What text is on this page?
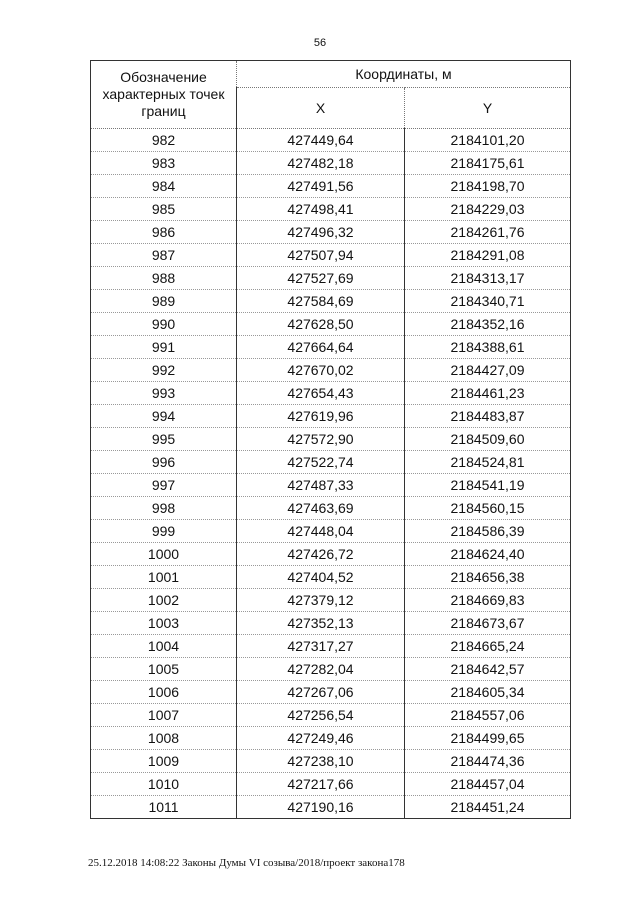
56
Обозначение
характерных точек
границ	Координаты, м	
	X	Y
982	427449,64	2184101,20
983	427482,18	2184175,61
984	427491,56	2184198,70
985	427498,41	2184229,03
986	427496,32	2184261,76
987	427507,94	2184291,08
988	427527,69	2184313,17
989	427584,69	2184340,71
990	427628,50	2184352,16
991	427664,64	2184388,61
992	427670,02	2184427,09
993	427654,43	2184461,23
994	427619,96	2184483,87
995	427572,90	2184509,60
996	427522,74	2184524,81
997	427487,33	2184541,19
998	427463,69	2184560,15
999	427448,04	2184586,39
1000	427426,72	2184624,40
1001	427404,52	2184656,38
1002	427379,12	2184669,83
1003	427352,13	2184673,67
1004	427317,27	2184665,24
1005	427282,04	2184642,57
1006	427267,06	2184605,34
1007	427256,54	2184557,06
1008	427249,46	2184499,65
1009	427238,10	2184474,36
1010	427217,66	2184457,04
1011	427190,16	2184451,24
25.12.2018 14:08:22 Законы Думы VI созыва/2018/проект закона178
